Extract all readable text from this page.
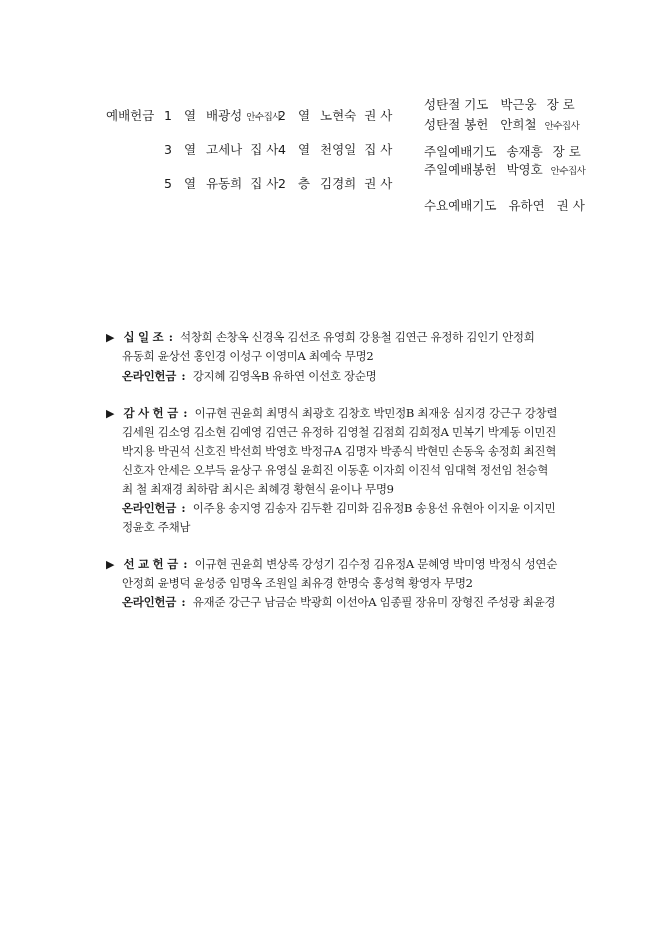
예배헌금 1 열 배광성 안수집사
2 열 노현숙 권 사
3 열 고세나 집 사 4 열 천영일 집 사
5 열 유동희 집 사 2 층 김경희 권 사
성탄절 기도 박근웅 장 로
성탄절 봉헌 안희철 안수집사
주일예배기도 송재흥 장 로
주일예배봉헌 박영호 안수집사
수요예배기도 유하연 권 사
▶ 십 일 조 : 석창희 손창옥 신경옥 김선조 유영희 강용철 김연근 유정하 김인기 안정희
유동희 윤상선 홍인경 이성구 이영미A 최예숙 무명2
온라인헌금 : 강지혜 김영옥B 유하연 이선호 장순명
▶ 감 사 헌 금 : 이규현 권윤희 최명식 최광호 김창호 박민정B 최재웅 심지경 강근구 강창렬
김세원 김소영 김소현 김예영 김연근 유정하 김영철 김점희 김희정A 민복기 박계동 이민진
박지용 박권석 신호진 박선희 박영호 박정규A 김명자 박종식 박현민 손동욱 송정희 최진혁
신호자 안세은 오부득 윤상구 유영실 윤희진 이동훈 이자희 이진석 임대혁 정선임 천승혁
최 철 최재경 최하람 최시은 최혜경 황현식 윤이나 무명9
온라인헌금 : 이주용 송지영 김송자 김두환 김미화 김유정B 송용선 유현아 이지윤 이지민
정윤호 주채남
▶ 선 교 헌 금 : 이규현 권윤희 변상록 강성기 김수정 김유정A 문혜영 박미영 박정식 성연순
안정희 윤병덕 윤성중 임명옥 조원일 최유경 한명숙 홍성혁 황영자 무명2
온라인헌금 : 유재준 강근구 남금순 박광희 이선아A 임종필 장유미 장형진 주성광 최윤경
